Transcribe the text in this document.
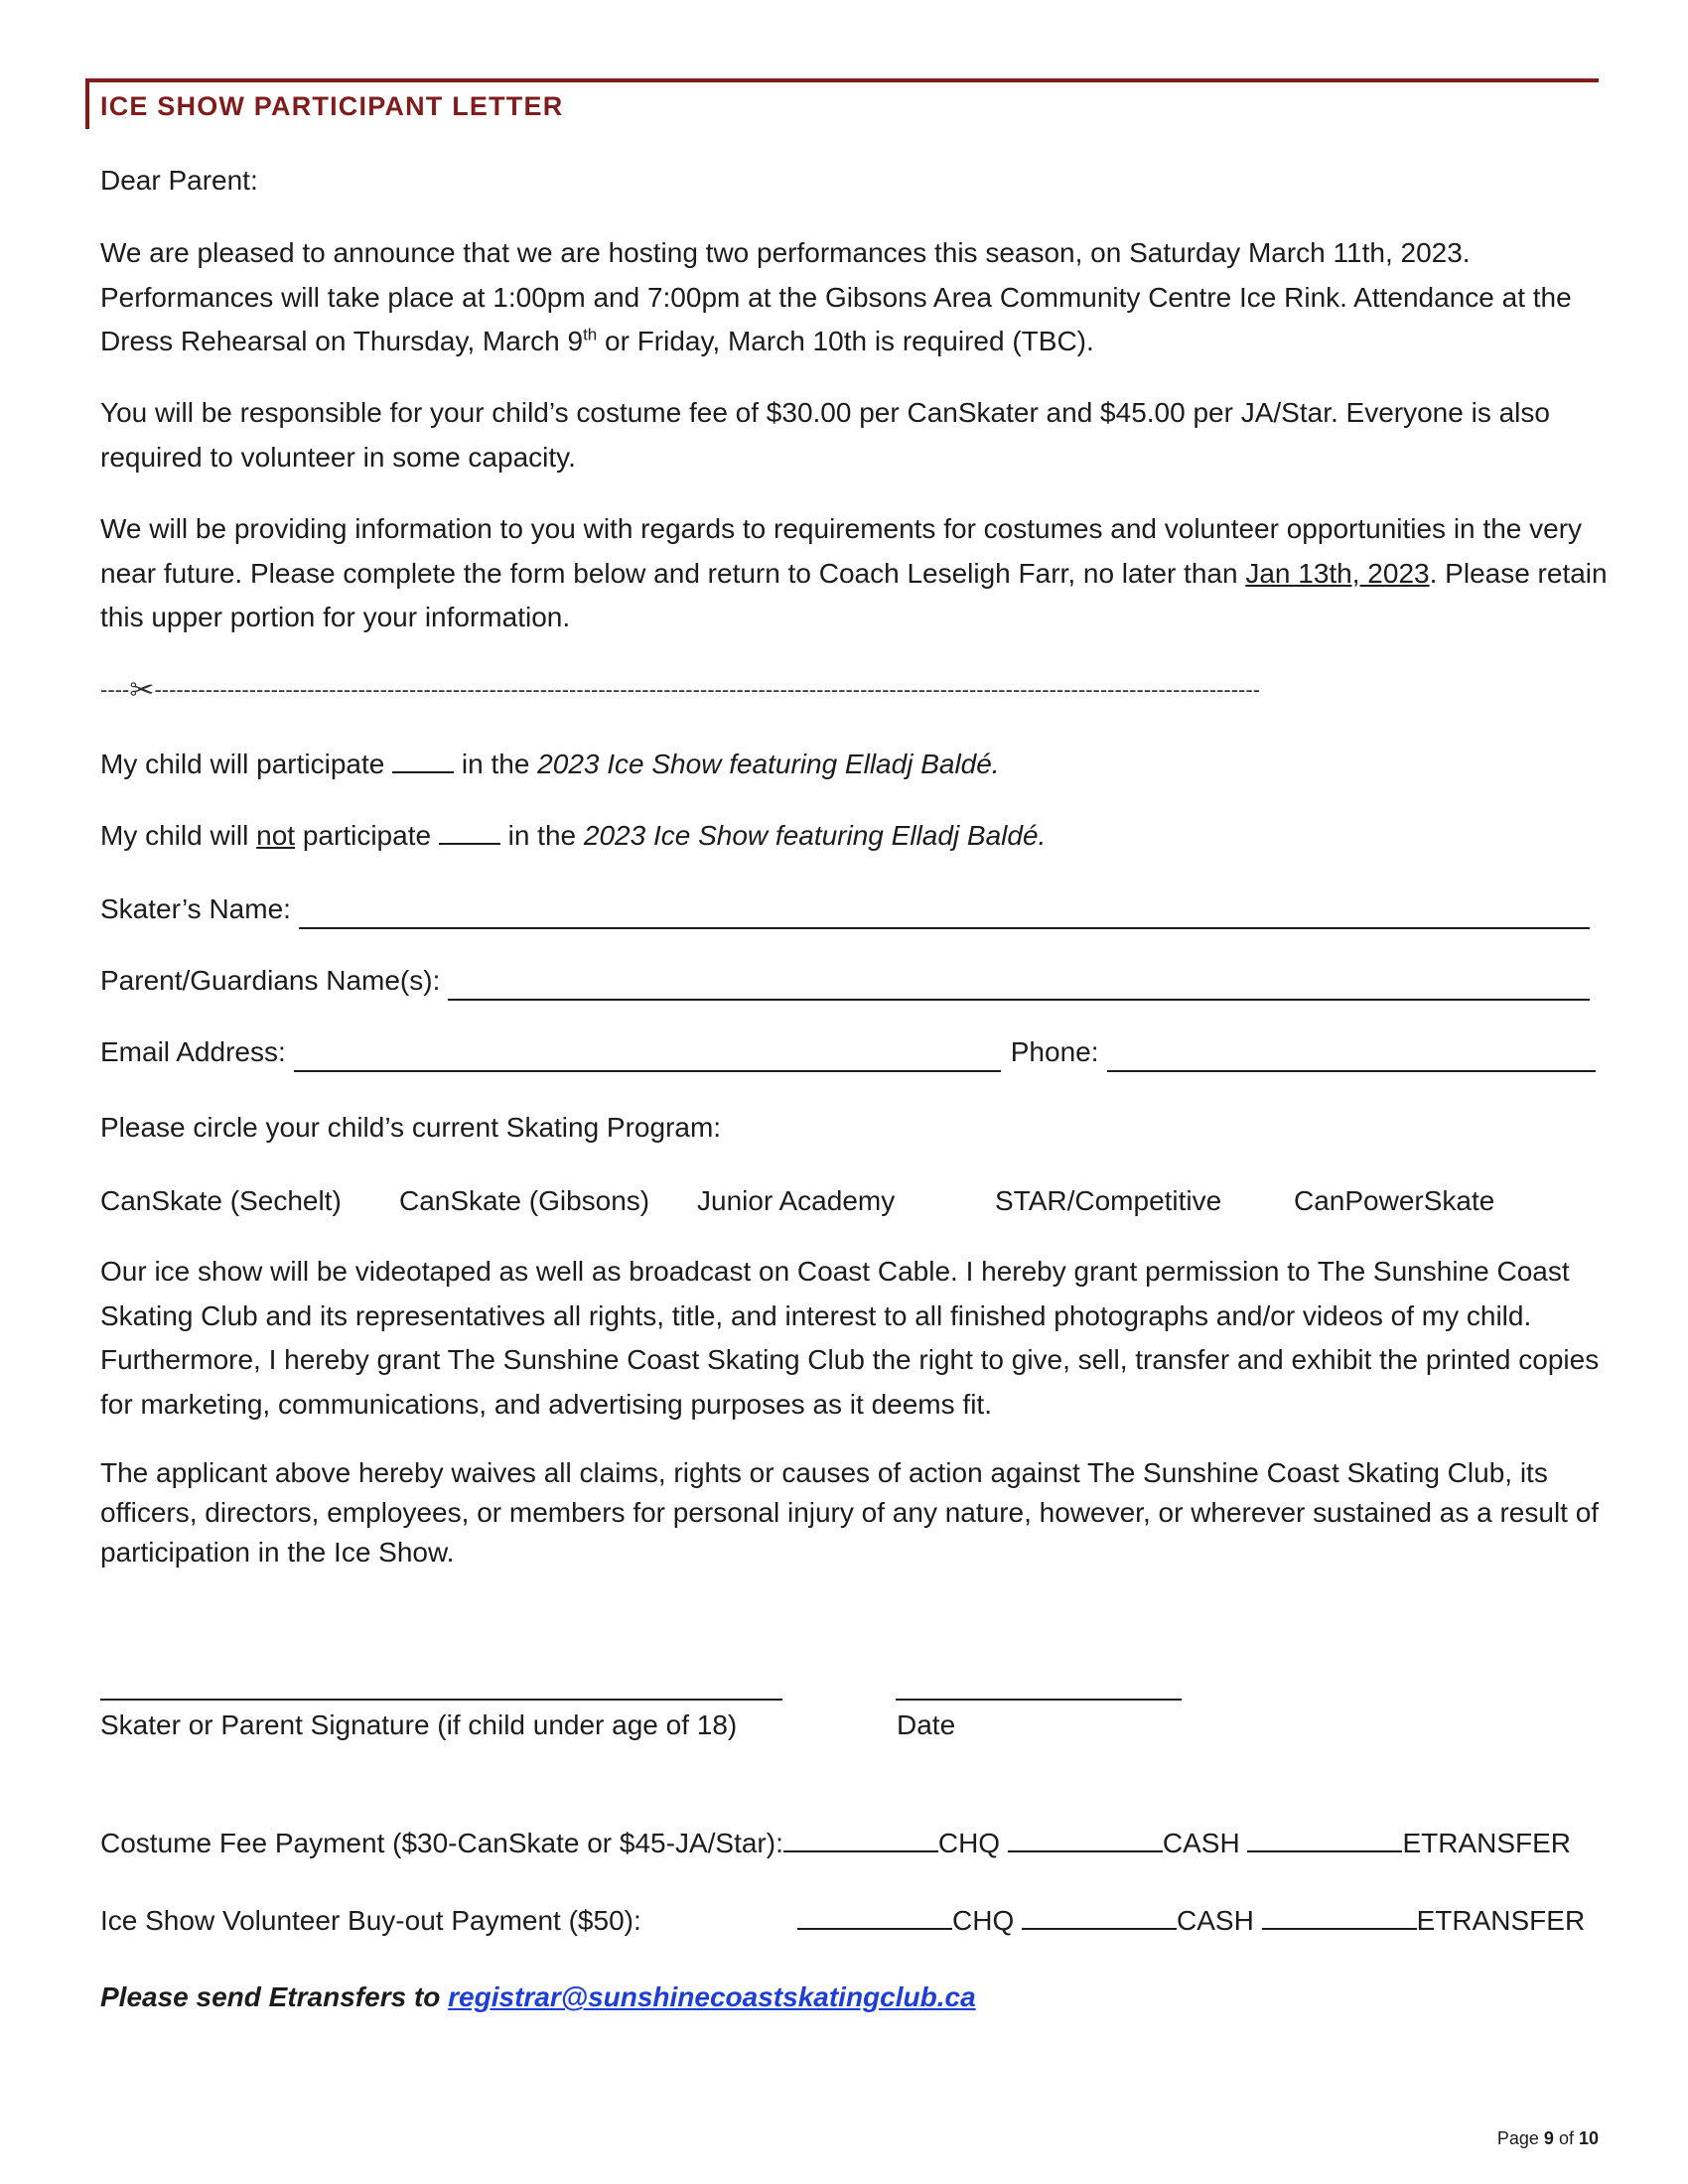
ICE SHOW PARTICIPANT LETTER
Dear Parent:
We are pleased to announce that we are hosting two performances this season, on Saturday March 11th, 2023. Performances will take place at 1:00pm and 7:00pm at the Gibsons Area Community Centre Ice Rink. Attendance at the Dress Rehearsal on Thursday, March 9th or Friday, March 10th is required (TBC).
You will be responsible for your child’s costume fee of $30.00 per CanSkater and $45.00 per JA/Star. Everyone is also required to volunteer in some capacity.
We will be providing information to you with regards to requirements for costumes and volunteer opportunities in the very near future. Please complete the form below and return to Coach Leseligh Farr, no later than Jan 13th, 2023. Please retain this upper portion for your information.
----✂--------------------------------------------------------------------------------------------------------------------------------------------------------
My child will participate  in the 2023 Ice Show featuring Elladj Baldé.
My child will not participate  in the 2023 Ice Show featuring Elladj Baldé.
Skater’s Name:
Parent/Guardians Name(s):
Email Address:	Phone:
Please circle your child’s current Skating Program:
CanSkate (Sechelt) CanSkate (Gibsons) Junior Academy	STAR/Competitive	CanPowerSkate
Our ice show will be videotaped as well as broadcast on Coast Cable. I hereby grant permission to The Sunshine Coast Skating Club and its representatives all rights, title, and interest to all finished photographs and/or videos of my child. Furthermore, I hereby grant The Sunshine Coast Skating Club the right to give, sell, transfer and exhibit the printed copies for marketing, communications, and advertising purposes as it deems fit.
The applicant above hereby waives all claims, rights or causes of action against The Sunshine Coast Skating Club, its officers, directors, employees, or members for personal injury of any nature, however, or wherever sustained as a result of participation in the Ice Show.
Skater or Parent Signature (if child under age of 18)	Date
Costume Fee Payment ($30-CanSkate or $45-JA/Star):	CHQ	CASH	ETRANSFER
Ice Show Volunteer Buy-out Payment ($50):	CHQ	CASH	ETRANSFER
Please send Etransfers to registrar@sunshinecoastskatingclub.ca
Page 9 of 10
